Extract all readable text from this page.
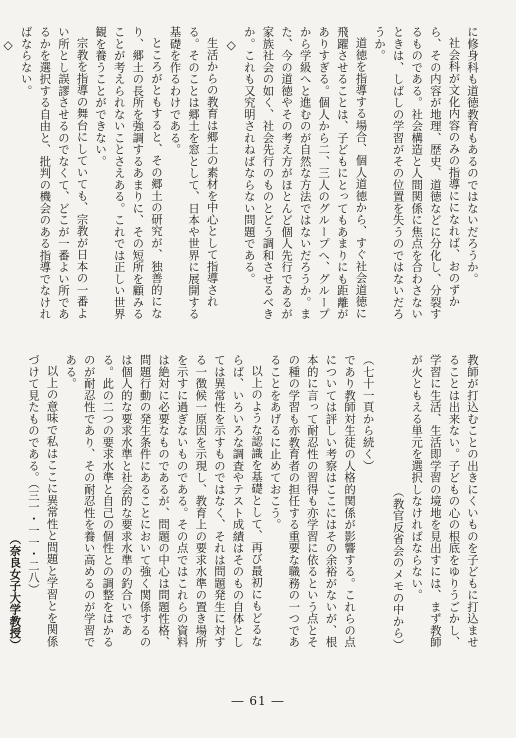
に修身科も道徳教育もあるのではないだろうか。

社会科が文化内容のみの指導にになれば、おのずから、その内容が地理、歴史、道徳などに分化し、分裂するものである。社会構造と人間関係に焦点を合わさないときは、しばしの学習がその位置を失うのではないだろうか。

道徳を指導する場合、個人道徳から、すぐ社会道徳に飛躍させることは、子どもにとってもあまりにも距離がありすぎる。個人から二、三人のグループへ、グループから学級へと進むのが自然な方法ではないだろうか。また、今の道徳やその考え方がほとんど個人先行であるが家族社会の如く、社会先行のものとどう調和させるべきか。これも又究明されねばならない問題である。

◇

生活からの教育は郷土の素材を中心として指導される。そのことは郷土を窓として、日本や世界に展開する基礎を作るわけである。

ところがともすると、その郷土の研究が、独善的になり、郷土の長所を強調するあまりに、その短所を顧みることが考えられないことさえある。これでは正しい世界観を養うことができない。

宗教を指導の舞台にしていても、宗教が日本の一番よい所とし誤謬させるのでなくて、どこが一番よい所であるかを選択する自由と、批判の機会のある指導でなければならない。

◇

教師が打込むことの出きにくいものを子どもに打込ませることは出来ない。子どもの心の根底をゆりうごかし、学習に生活、生活即学習の境地を見出すには、まず教師が火ともえる単元を選択しなければならない。

（教官反省会のメモの中から）

（七十一頁から続く）

であり教師対生徒の人格的関係が影響する。これらの点については評しい考察はここにはその余裕がないが、根本的に言って耐忍性の習得も亦学習に依るという点とその種の学習も亦教育者の担任する重要な職務の一つであることをあげるに止めておこう。

以上のような認識を基礎として、再び最初にもどるならば、いろいろな調査やテスト成績はそのもの自体としては異常性を示すものではなく、それは問題発生に対する一徴候一原因を示現し、教育上の要求水準の置き場所を示すに過ぎないものである。その点ではこれらの資料は絶対に必要なものであるが、問題の中心は問題性格、問題行動の発生条件にあることにおいて強く関係するのは個人的な要求水準と社会的な要求水準の釣合いである。此の二つの要求水準と自己の個性との調整をはかるのが耐忍性であり、その耐忍性を養い高めるのが学習である。

以上の意味で私はここに異常性と問題と学習とを関係づけて見たものである。（三一・一一・二八）

（奈良女子大学教授）

― 61 ―
